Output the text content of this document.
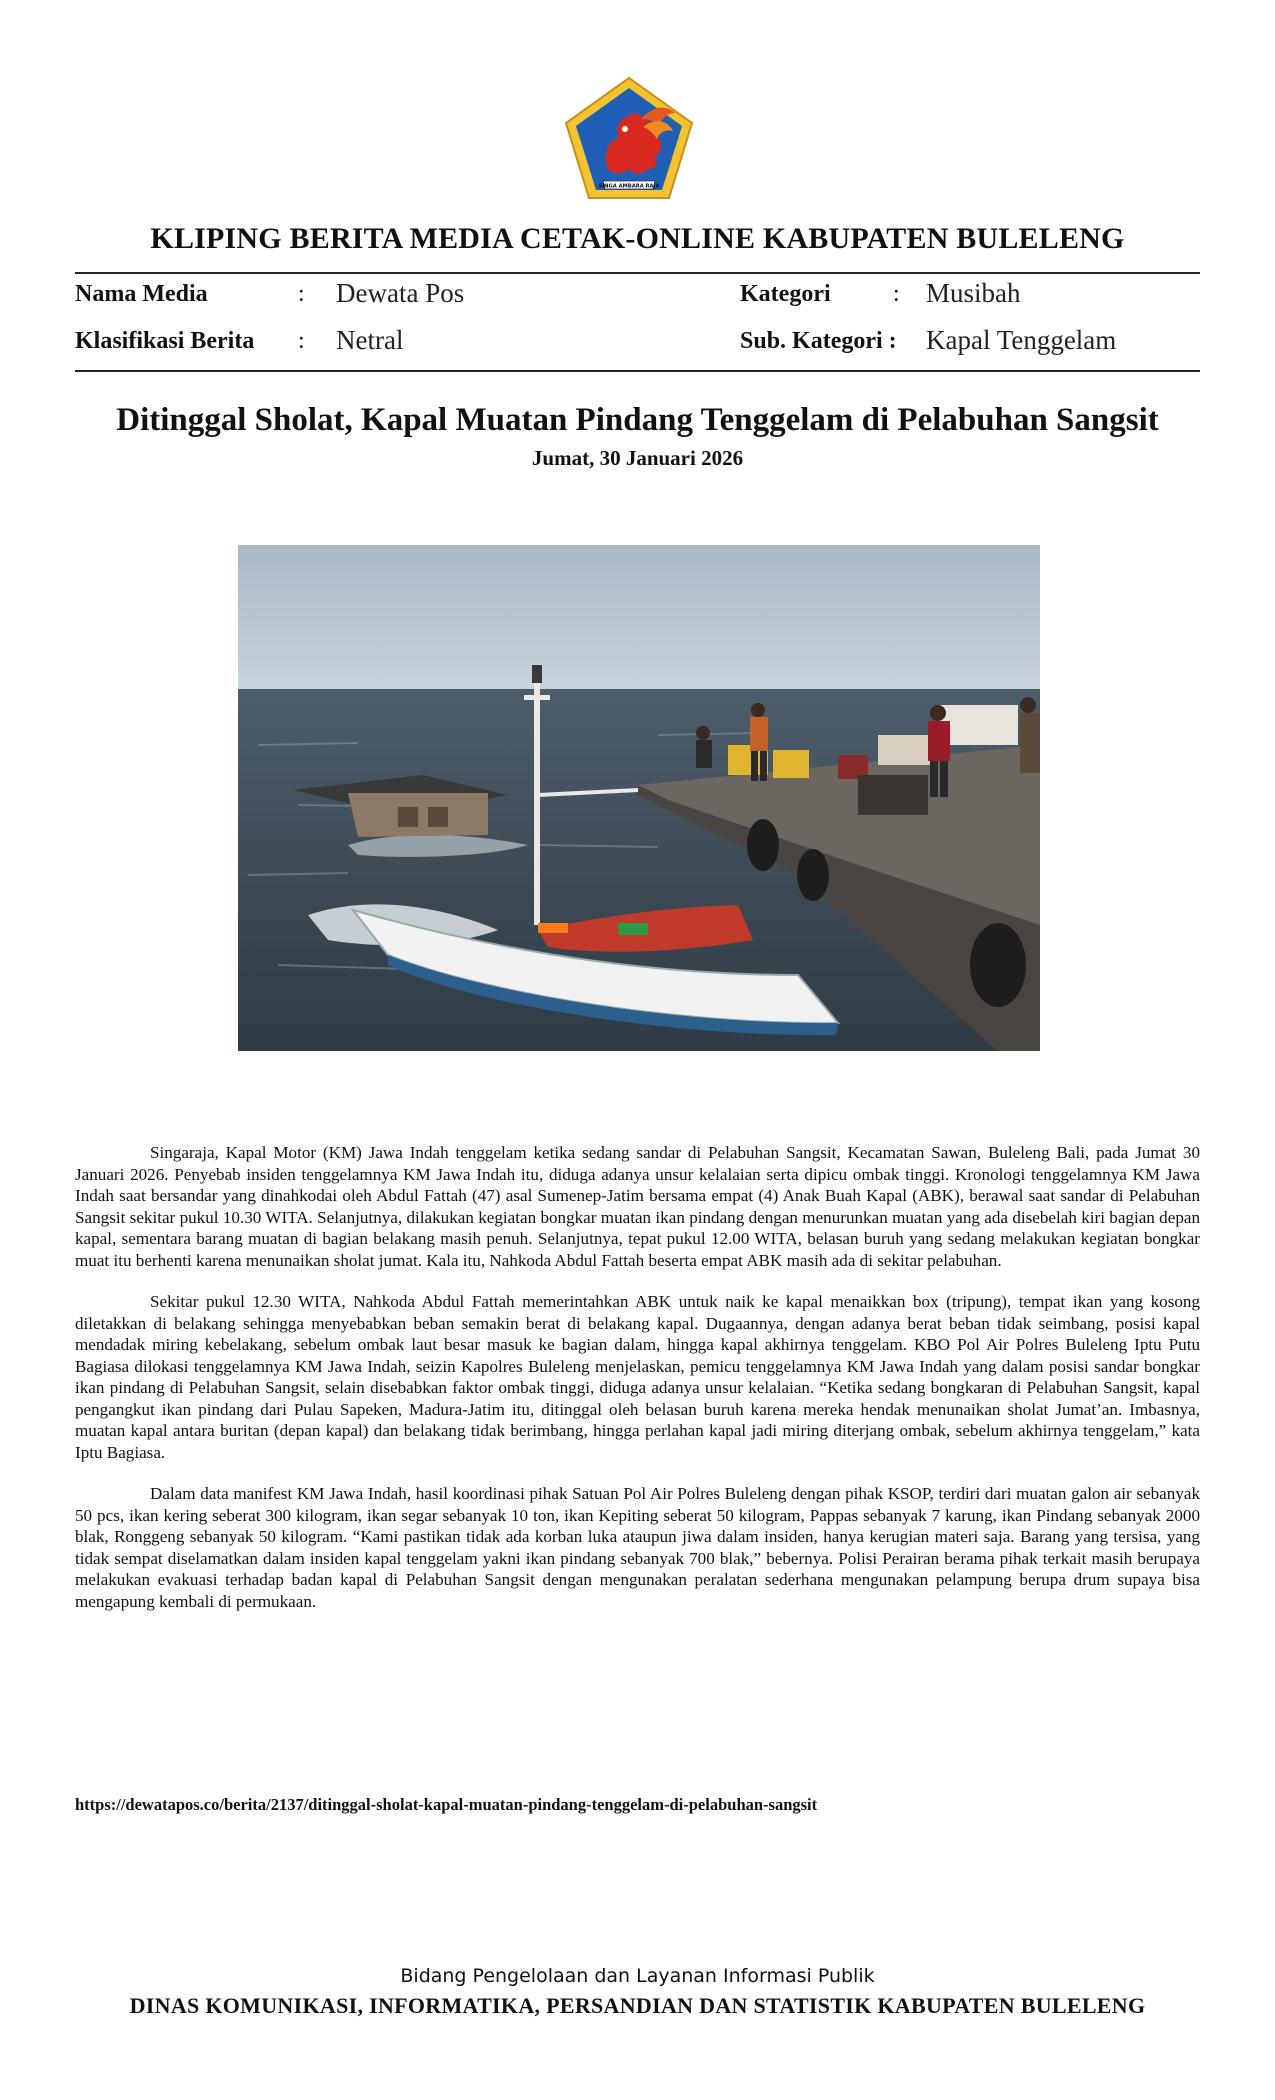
SINGA AMBARA RAJA
KLIPING BERITA MEDIA CETAK-ONLINE KABUPATEN BULELENG
Nama Media	: Dewata Pos	Kategori	: Musibah
Klasifikasi Berita : Netral	Sub. Kategori : Kapal Tenggelam
Ditinggal Sholat, Kapal Muatan Pindang Tenggelam di Pelabuhan Sangsit
Jumat, 30 Januari 2026

Singaraja, Kapal Motor (KM) Jawa Indah tenggelam ketika sedang sandar di Pelabuhan Sangsit, Kecamatan Sawan, Buleleng Bali, pada Jumat 30 Januari 2026. Penyebab insiden tenggelamnya KM Jawa Indah itu, diduga adanya unsur kelalaian serta dipicu ombak tinggi. Kronologi tenggelamnya KM Jawa Indah saat bersandar yang dinahkodai oleh Abdul Fattah (47) asal Sumenep-Jatim bersama empat (4) Anak Buah Kapal (ABK), berawal saat sandar di Pelabuhan Sangsit sekitar pukul 10.30 WITA. Selanjutnya, dilakukan kegiatan bongkar muatan ikan pindang dengan menurunkan muatan yang ada disebelah kiri bagian depan kapal, sementara barang muatan di bagian belakang masih penuh. Selanjutnya, tepat pukul 12.00 WITA, belasan buruh yang sedang melakukan kegiatan bongkar muat itu berhenti karena menunaikan sholat jumat. Kala itu, Nahkoda Abdul Fattah beserta empat ABK masih ada di sekitar pelabuhan.

Sekitar pukul 12.30 WITA, Nahkoda Abdul Fattah memerintahkan ABK untuk naik ke kapal menaikkan box (tripung), tempat ikan yang kosong diletakkan di belakang sehingga menyebabkan beban semakin berat di belakang kapal. Dugaannya, dengan adanya berat beban tidak seimbang, posisi kapal mendadak miring kebelakang, sebelum ombak laut besar masuk ke bagian dalam, hingga kapal akhirnya tenggelam. KBO Pol Air Polres Buleleng Iptu Putu Bagiasa dilokasi tenggelamnya KM Jawa Indah, seizin Kapolres Buleleng menjelaskan, pemicu tenggelamnya KM Jawa Indah yang dalam posisi sandar bongkar ikan pindang di Pelabuhan Sangsit, selain disebabkan faktor ombak tinggi, diduga adanya unsur kelalaian. “Ketika sedang bongkaran di Pelabuhan Sangsit, kapal pengangkut ikan pindang dari Pulau Sapeken, Madura-Jatim itu, ditinggal oleh belasan buruh karena mereka hendak menunaikan sholat Jumat’an. Imbasnya, muatan kapal antara buritan (depan kapal) dan belakang tidak berimbang, hingga perlahan kapal jadi miring diterjang ombak, sebelum akhirnya tenggelam,” kata Iptu Bagiasa.

Dalam data manifest KM Jawa Indah, hasil koordinasi pihak Satuan Pol Air Polres Buleleng dengan pihak KSOP, terdiri dari muatan galon air sebanyak 50 pcs, ikan kering seberat 300 kilogram, ikan segar sebanyak 10 ton, ikan Kepiting seberat 50 kilogram, Pappas sebanyak 7 karung, ikan Pindang sebanyak 2000 blak, Ronggeng sebanyak 50 kilogram. “Kami pastikan tidak ada korban luka ataupun jiwa dalam insiden, hanya kerugian materi saja. Barang yang tersisa, yang tidak sempat diselamatkan dalam insiden kapal tenggelam yakni ikan pindang sebanyak 700 blak,” bebernya. Polisi Perairan berama pihak terkait masih berupaya melakukan evakuasi terhadap badan kapal di Pelabuhan Sangsit dengan mengunakan peralatan sederhana mengunakan pelampung berupa drum supaya bisa mengapung kembali di permukaan.

https://dewatapos.co/berita/2137/ditinggal-sholat-kapal-muatan-pindang-tenggelam-di-pelabuhan-sangsit
Bidang Pengelolaan dan Layanan Informasi Publik
DINAS KOMUNIKASI, INFORMATIKA, PERSANDIAN DAN STATISTIK KABUPATEN BULELENG
